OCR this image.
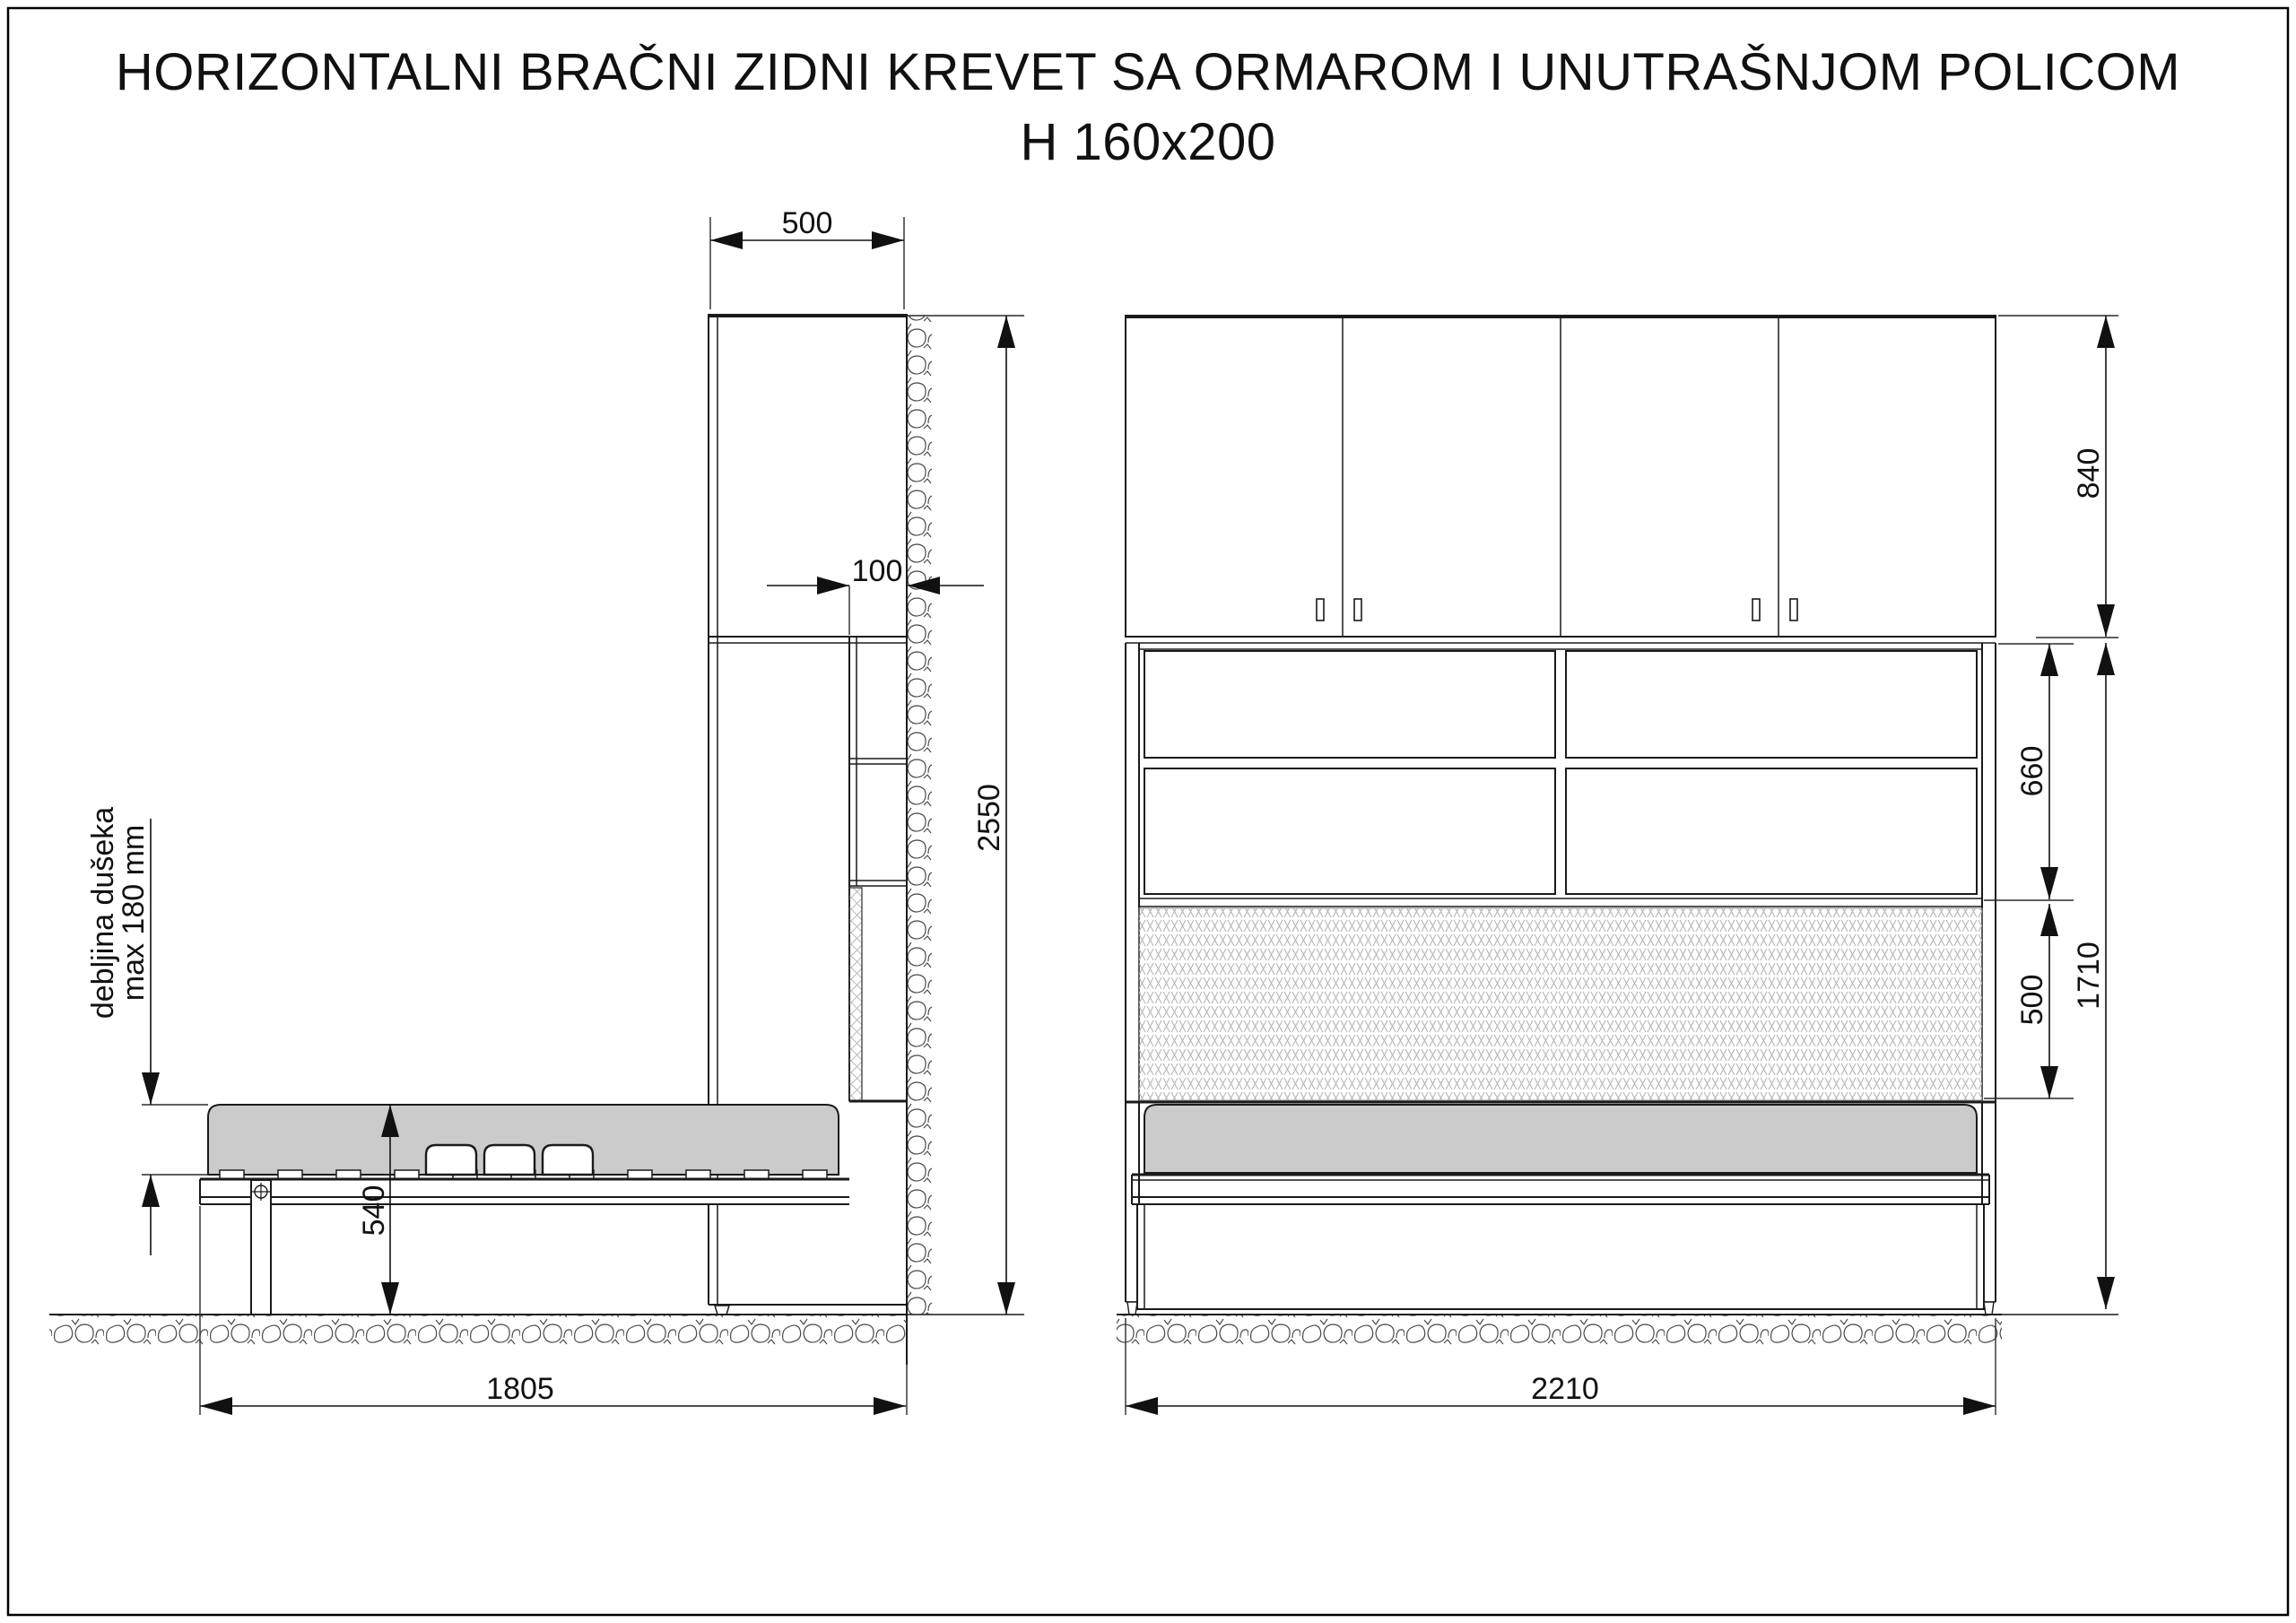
HORIZONTALNI BRAČNI ZIDNI KREVET SA ORMAROM I UNUTRAŠNJOM POLICOM
H 160x200
500
100
2550
540
debljina dušeka
max 180 mm
1805
840
660
500 1710
2210
